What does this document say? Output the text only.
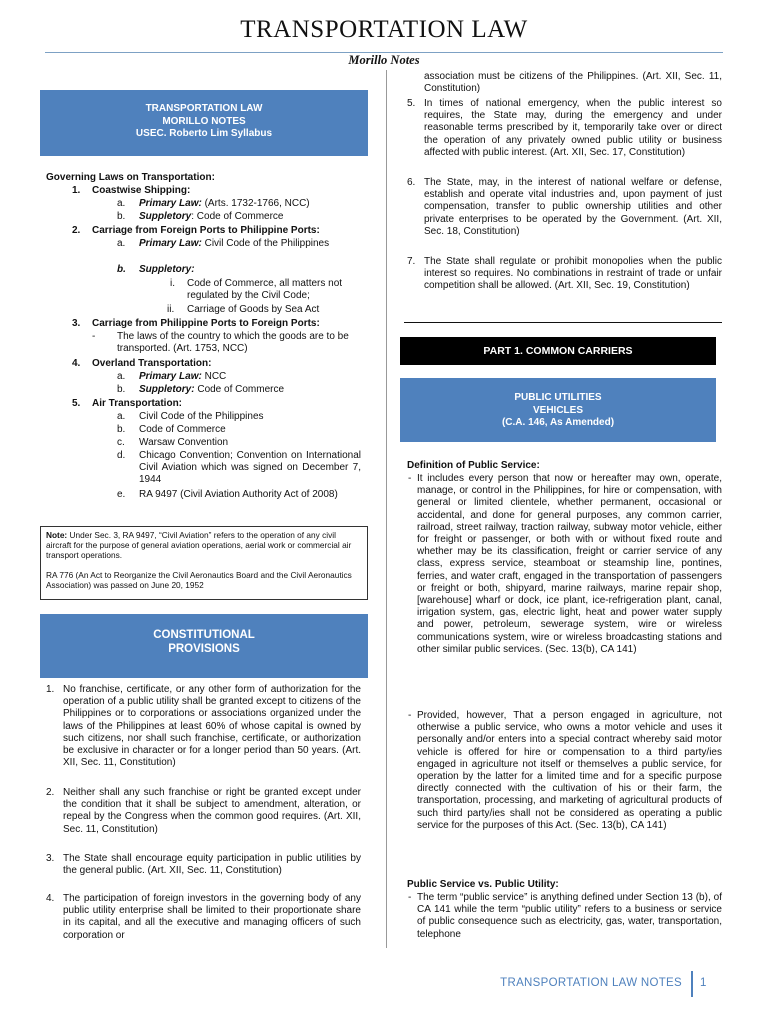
TRANSPORTATION LAW
Morillo Notes
TRANSPORTATION LAW
MORILLO NOTES
USEC. Roberto Lim Syllabus
Governing Laws on Transportation:
1. Coastwise Shipping:
a. Primary Law: (Arts. 1732-1766, NCC)
b. Suppletory: Code of Commerce
2. Carriage from Foreign Ports to Philippine Ports:
a. Primary Law: Civil Code of the Philippines
b. Suppletory:
i. Code of Commerce, all matters not regulated by the Civil Code;
ii. Carriage of Goods by Sea Act
3. Carriage from Philippine Ports to Foreign Ports:
- The laws of the country to which the goods are to be transported. (Art. 1753, NCC)
4. Overland Transportation:
a. Primary Law: NCC
b. Suppletory: Code of Commerce
5. Air Transportation:
a. Civil Code of the Philippines
b. Code of Commerce
c. Warsaw Convention
d. Chicago Convention; Convention on International Civil Aviation which was signed on December 7, 1944
e. RA 9497 (Civil Aviation Authority Act of 2008)

Note: Under Sec. 3, RA 9497, “Civil Aviation” refers to the operation of any civil aircraft for the purpose of general aviation operations, aerial work or commercial air transport operations.

RA 776 (An Act to Reorganize the Civil Aeronautics Board and the Civil Aeronautics Association) was passed on June 20, 1952

CONSTITUTIONAL
PROVISIONS
1. No franchise, certificate, or any other form of authorization for the operation of a public utility shall be granted except to citizens of the Philippines or to corporations or associations organized under the laws of the Philippines at least 60% of whose capital is owned by such citizens, nor shall such franchise, certificate, or authorization be exclusive in character or for a longer period than 50 years. (Art. XII, Sec. 11, Constitution)
2. Neither shall any such franchise or right be granted except under the condition that it shall be subject to amendment, alteration, or repeal by the Congress when the common good requires. (Art. XII, Sec. 11, Constitution)
3. The State shall encourage equity participation in public utilities by the general public. (Art. XII, Sec. 11, Constitution)
4. The participation of foreign investors in the governing body of any public utility enterprise shall be limited to their proportionate share in its capital, and all the executive and managing officers of such corporation or
association must be citizens of the Philippines. (Art. XII, Sec. 11, Constitution)
5. In times of national emergency, when the public interest so requires, the State may, during the emergency and under reasonable terms prescribed by it, temporarily take over or direct the operation of any privately owned public utility or business affected with public interest. (Art. XII, Sec. 17, Constitution)
6. The State, may, in the interest of national welfare or defense, establish and operate vital industries and, upon payment of just compensation, transfer to public ownership utilities and other private enterprises to be operated by the Government. (Art. XII, Sec. 18, Constitution)
7. The State shall regulate or prohibit monopolies when the public interest so requires. No combinations in restraint of trade or unfair competition shall be allowed. (Art. XII, Sec. 19, Constitution)
PART 1. COMMON CARRIERS
PUBLIC UTILITIES
VEHICLES
(C.A. 146, As Amended)
Definition of Public Service:
- It includes every person that now or hereafter may own, operate, manage, or control in the Philippines, for hire or compensation, with general or limited clientele, whether permanent, occasional or accidental, and done for general purposes, any common carrier, railroad, street railway, traction railway, subway motor vehicle, either for freight or passenger, or both with or without fixed route and whether may be its classification, freight or carrier service of any class, express service, steamboat or steamship line, pontines, ferries, and water craft, engaged in the transportation of passengers or freight or both, shipyard, marine railways, marine repair shop, [warehouse] wharf or dock, ice plant, ice-refrigeration plant, canal, irrigation system, gas, electric light, heat and power water supply and power, petroleum, sewerage system, wire or wireless communications system, wire or wireless broadcasting stations and other similar public services. (Sec. 13(b), CA 141)
- Provided, however, That a person engaged in agriculture, not otherwise a public service, who owns a motor vehicle and uses it personally and/or enters into a special contract whereby said motor vehicle is offered for hire or compensation to a third party/ies engaged in agriculture not itself or themselves a public service, for operation by the latter for a limited time and for a specific purpose directly connected with the cultivation of his or their farm, the transportation, processing, and marketing of agricultural products of such third party/ies shall not be considered as operating a public service for the purposes of this Act. (Sec. 13(b), CA 141)
Public Service vs. Public Utility:
- The term “public service” is anything defined under Section 13 (b), of CA 141 while the term “public utility” refers to a business or service of public consequence such as electricity, gas, water, transportation, telephone
TRANSPORTATION LAW NOTES 1
